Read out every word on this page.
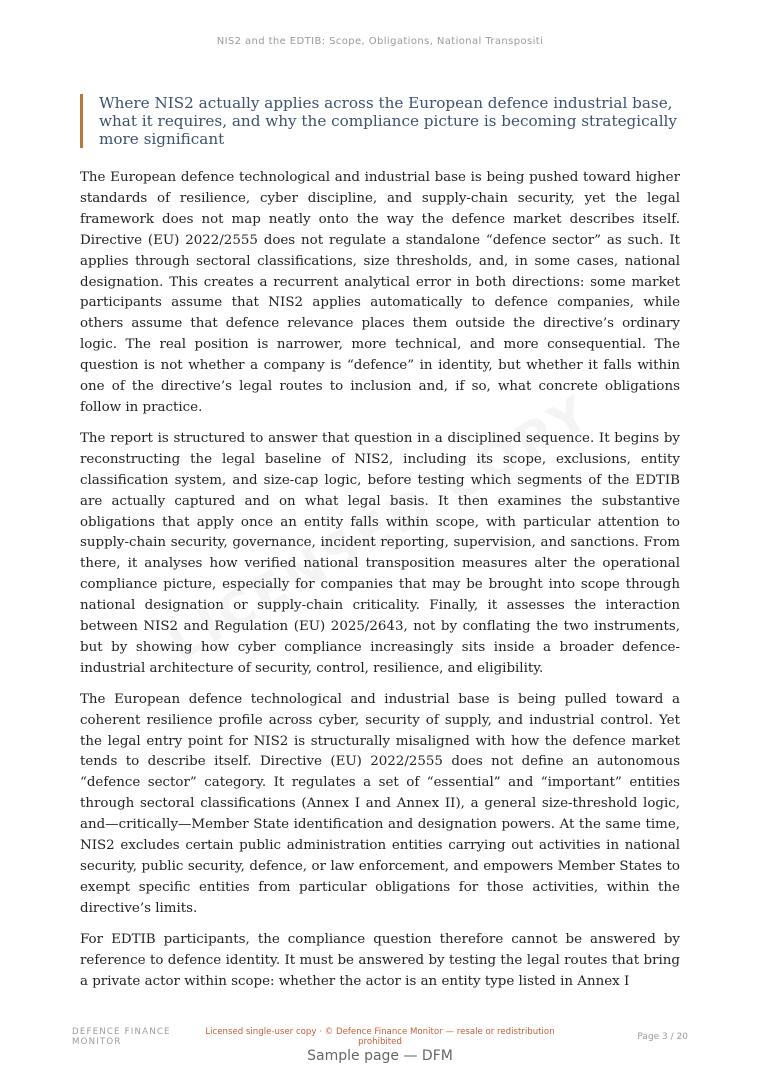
NIS2 and the EDTIB: Scope, Obligations, National Transpositi
Where NIS2 actually applies across the European defence industrial base, what it requires, and why the compliance picture is becoming strategically more significant

The European defence technological and industrial base is being pushed toward higher standards of resilience, cyber discipline, and supply-chain security, yet the legal framework does not map neatly onto the way the defence market describes itself. Directive (EU) 2022/2555 does not regulate a standalone “defence sector” as such. It applies through sectoral classifications, size thresholds, and, in some cases, national designation. This creates a recurrent analytical error in both directions: some market participants assume that NIS2 applies automatically to defence companies, while others assume that defence relevance places them outside the directive’s ordinary logic. The real position is narrower, more technical, and more consequential. The question is not whether a company is “defence” in identity, but whether it falls within one of the directive’s legal routes to inclusion and, if so, what concrete obligations follow in practice.

The report is structured to answer that question in a disciplined sequence. It begins by reconstructing the legal baseline of NIS2, including its scope, exclusions, entity classification system, and size-cap logic, before testing which segments of the EDTIB are actually captured and on what legal basis. It then examines the substantive obligations that apply once an entity falls within scope, with particular attention to supply-chain security, governance, incident reporting, supervision, and sanctions. From there, it analyses how verified national transposition measures alter the operational compliance picture, especially for companies that may be brought into scope through national designation or supply-chain criticality. Finally, it assesses the interaction between NIS2 and Regulation (EU) 2025/2643, not by conflating the two instruments, but by showing how cyber compliance increasingly sits inside a broader defence-industrial architecture of security, control, resilience, and eligibility.

The European defence technological and industrial base is being pulled toward a coherent resilience profile across cyber, security of supply, and industrial control. Yet the legal entry point for NIS2 is structurally misaligned with how the defence market tends to describe itself. Directive (EU) 2022/2555 does not define an autonomous “defence sector” category. It regulates a set of “essential” and “important” entities through sectoral classifications (Annex I and Annex II), a general size-threshold logic, and—critically—Member State identification and designation powers. At the same time, NIS2 excludes certain public administration entities carrying out activities in national security, public security, defence, or law enforcement, and empowers Member States to exempt specific entities from particular obligations for those activities, within the directive’s limits.

For EDTIB participants, the compliance question therefore cannot be answered by reference to defence identity. It must be answered by testing the legal routes that bring a private actor within scope: whether the actor is an entity type listed in Annex I

DEFENCE FINANCE MONITOR
Licensed single-user copy · © Defence Finance Monitor — resale or redistribution prohibited	Page 3 / 20
Sample page — DFM
